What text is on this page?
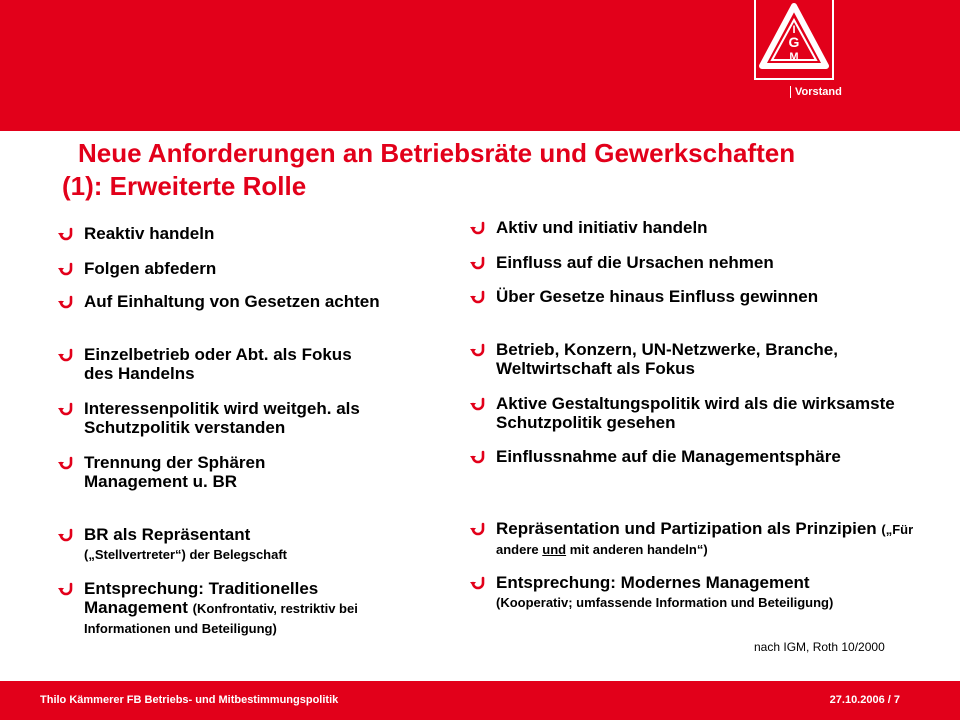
I
G
M
Vorstand
Neue Anforderungen an Betriebsräte und Gewerkschaften
(1): Erweiterte Rolle
Reaktiv handeln
Folgen abfedern
Auf Einhaltung von Gesetzen achten
Einzelbetrieb oder Abt. als Fokus des Handelns
Interessenpolitik wird weitgeh. als Schutzpolitik verstanden
Trennung der Sphären Management u. BR
BR als Repräsentant
(„Stellvertreter“) der Belegschaft
Entsprechung: Traditionelles Management (Konfrontativ, restriktiv bei Informationen und Beteiligung)
Aktiv und initiativ handeln
Einfluss auf die Ursachen nehmen
Über Gesetze hinaus Einfluss gewinnen
Betrieb, Konzern, UN-Netzwerke, Branche, Weltwirtschaft als Fokus
Aktive Gestaltungspolitik wird als die wirksamste Schutzpolitik gesehen
Einflussnahme auf die Managementsphäre
Repräsentation und Partizipation als Prinzipien („Für andere und mit anderen handeln“)
Entsprechung: Modernes Management
(Kooperativ; umfassende Information und Beteiligung)
nach IGM, Roth 10/2000
Thilo Kämmerer FB Betriebs- und Mitbestimmungspolitik	27.10.2006 / 7
